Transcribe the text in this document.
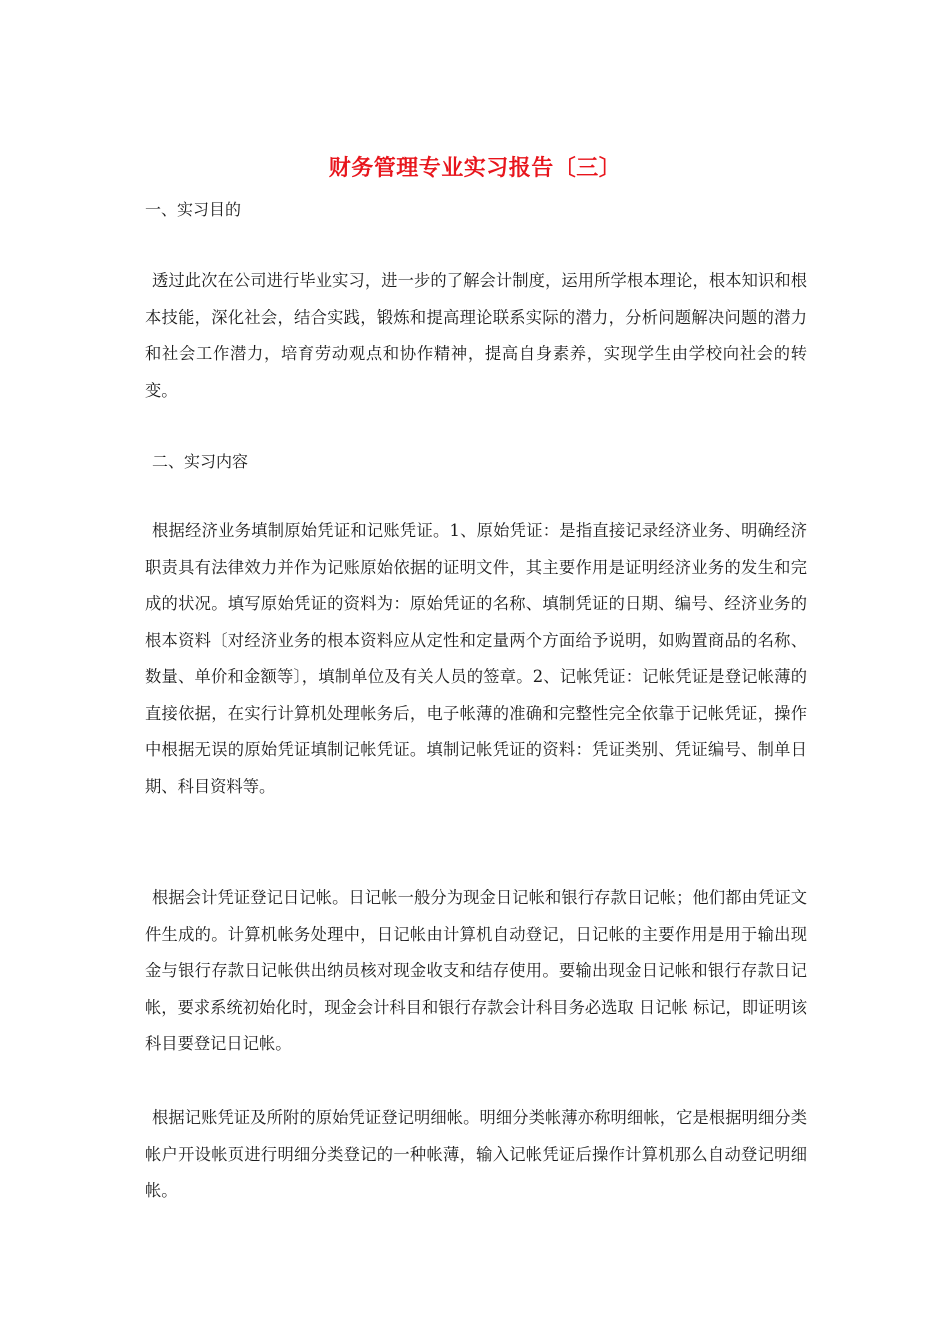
财务管理专业实习报告〔三〕

一、实习目的

透过此次在公司进行毕业实习，进一步的了解会计制度，运用所学根本理论，根本知识和根本技能，深化社会，结合实践，锻炼和提高理论联系实际的潜力，分析问题解决问题的潜力和社会工作潜力，培育劳动观点和协作精神，提高自身素养，实现学生由学校向社会的转变。

二、实习内容

根据经济业务填制原始凭证和记账凭证。1、原始凭证：是指直接记录经济业务、明确经济职责具有法律效力并作为记账原始依据的证明文件，其主要作用是证明经济业务的发生和完成的状况。填写原始凭证的资料为：原始凭证的名称、填制凭证的日期、编号、经济业务的根本资料〔对经济业务的根本资料应从定性和定量两个方面给予说明，如购置商品的名称、数量、单价和金额等〕，填制单位及有关人员的签章。2、记帐凭证：记帐凭证是登记帐薄的直接依据，在实行计算机处理帐务后，电子帐薄的准确和完整性完全依靠于记帐凭证，操作中根据无误的原始凭证填制记帐凭证。填制记帐凭证的资料：凭证类别、凭证编号、制单日期、科目资料等。

根据会计凭证登记日记帐。日记帐一般分为现金日记帐和银行存款日记帐；他们都由凭证文件生成的。计算机帐务处理中，日记帐由计算机自动登记，日记帐的主要作用是用于输出现金与银行存款日记帐供出纳员核对现金收支和结存使用。要输出现金日记帐和银行存款日记帐，要求系统初始化时，现金会计科目和银行存款会计科目务必选取 日记帐 标记，即证明该科目要登记日记帐。

根据记账凭证及所附的原始凭证登记明细帐。明细分类帐薄亦称明细帐，它是根据明细分类帐户开设帐页进行明细分类登记的一种帐薄，输入记帐凭证后操作计算机那么自动登记明细帐。
